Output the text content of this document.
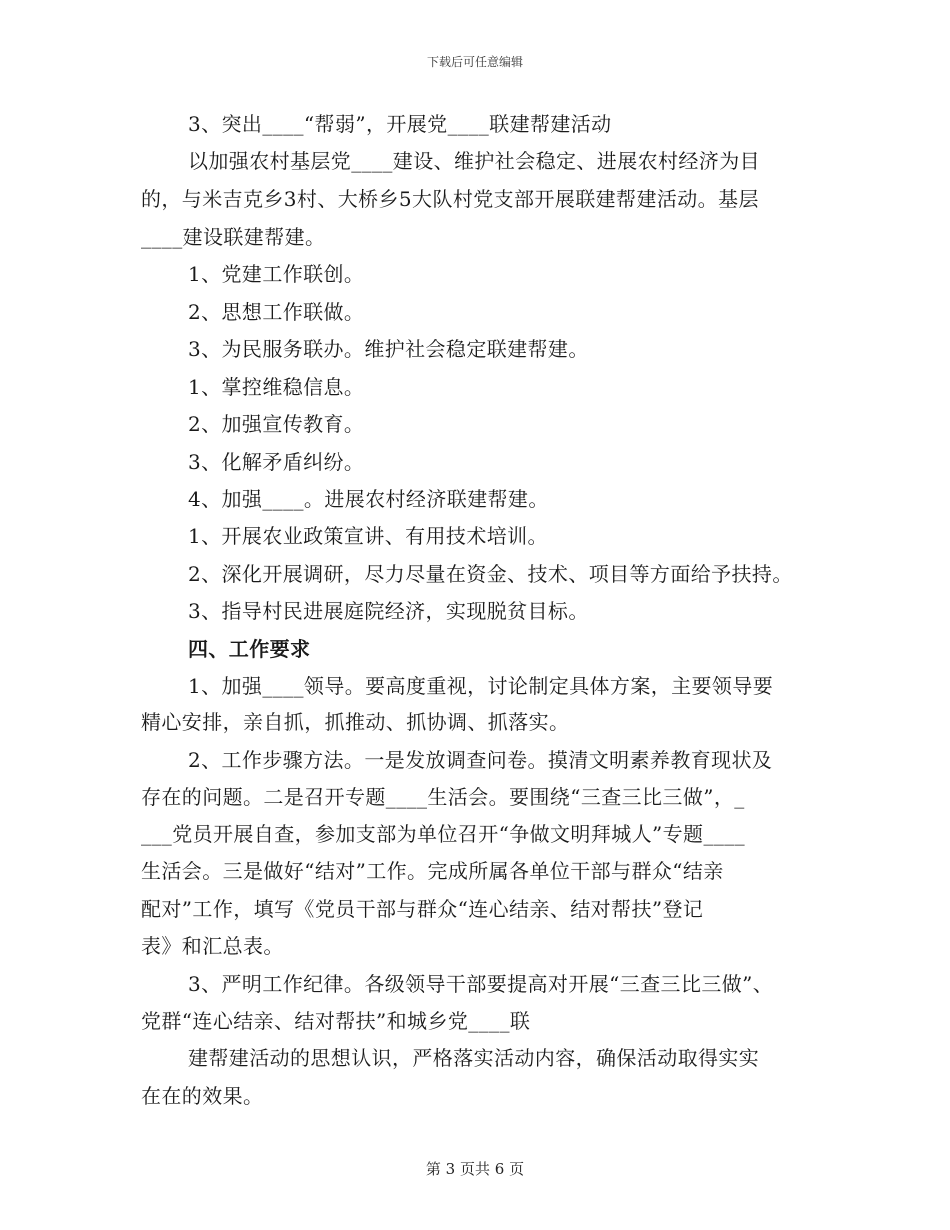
下载后可任意编辑
3、突出____“帮弱”，开展党____联建帮建活动
以加强农村基层党____建设、维护社会稳定、进展农村经济为目
的，与米吉克乡3村、大桥乡5大队村党支部开展联建帮建活动。基层
____建设联建帮建。
1、党建工作联创。
2、思想工作联做。
3、为民服务联办。维护社会稳定联建帮建。
1、掌控维稳信息。
2、加强宣传教育。
3、化解矛盾纠纷。
4、加强____。进展农村经济联建帮建。
1、开展农业政策宣讲、有用技术培训。
2、深化开展调研，尽力尽量在资金、技术、项目等方面给予扶持。
3、指导村民进展庭院经济，实现脱贫目标。
四、工作要求
1、加强____领导。要高度重视，讨论制定具体方案，主要领导要
精心安排，亲自抓，抓推动、抓协调、抓落实。
2、工作步骤方法。一是发放调查问卷。摸清文明素养教育现状及
存在的问题。二是召开专题____生活会。要围绕“三查三比三做”，_
___党员开展自查，参加支部为单位召开“争做文明拜城人”专题____
生活会。三是做好“结对”工作。完成所属各单位干部与群众“结亲
配对”工作，填写《党员干部与群众“连心结亲、结对帮扶”登记
表》和汇总表。
3、严明工作纪律。各级领导干部要提高对开展“三查三比三做”、
党群“连心结亲、结对帮扶”和城乡党____联
建帮建活动的思想认识，严格落实活动内容，确保活动取得实实
在在的效果。
第 3 页共 6 页
